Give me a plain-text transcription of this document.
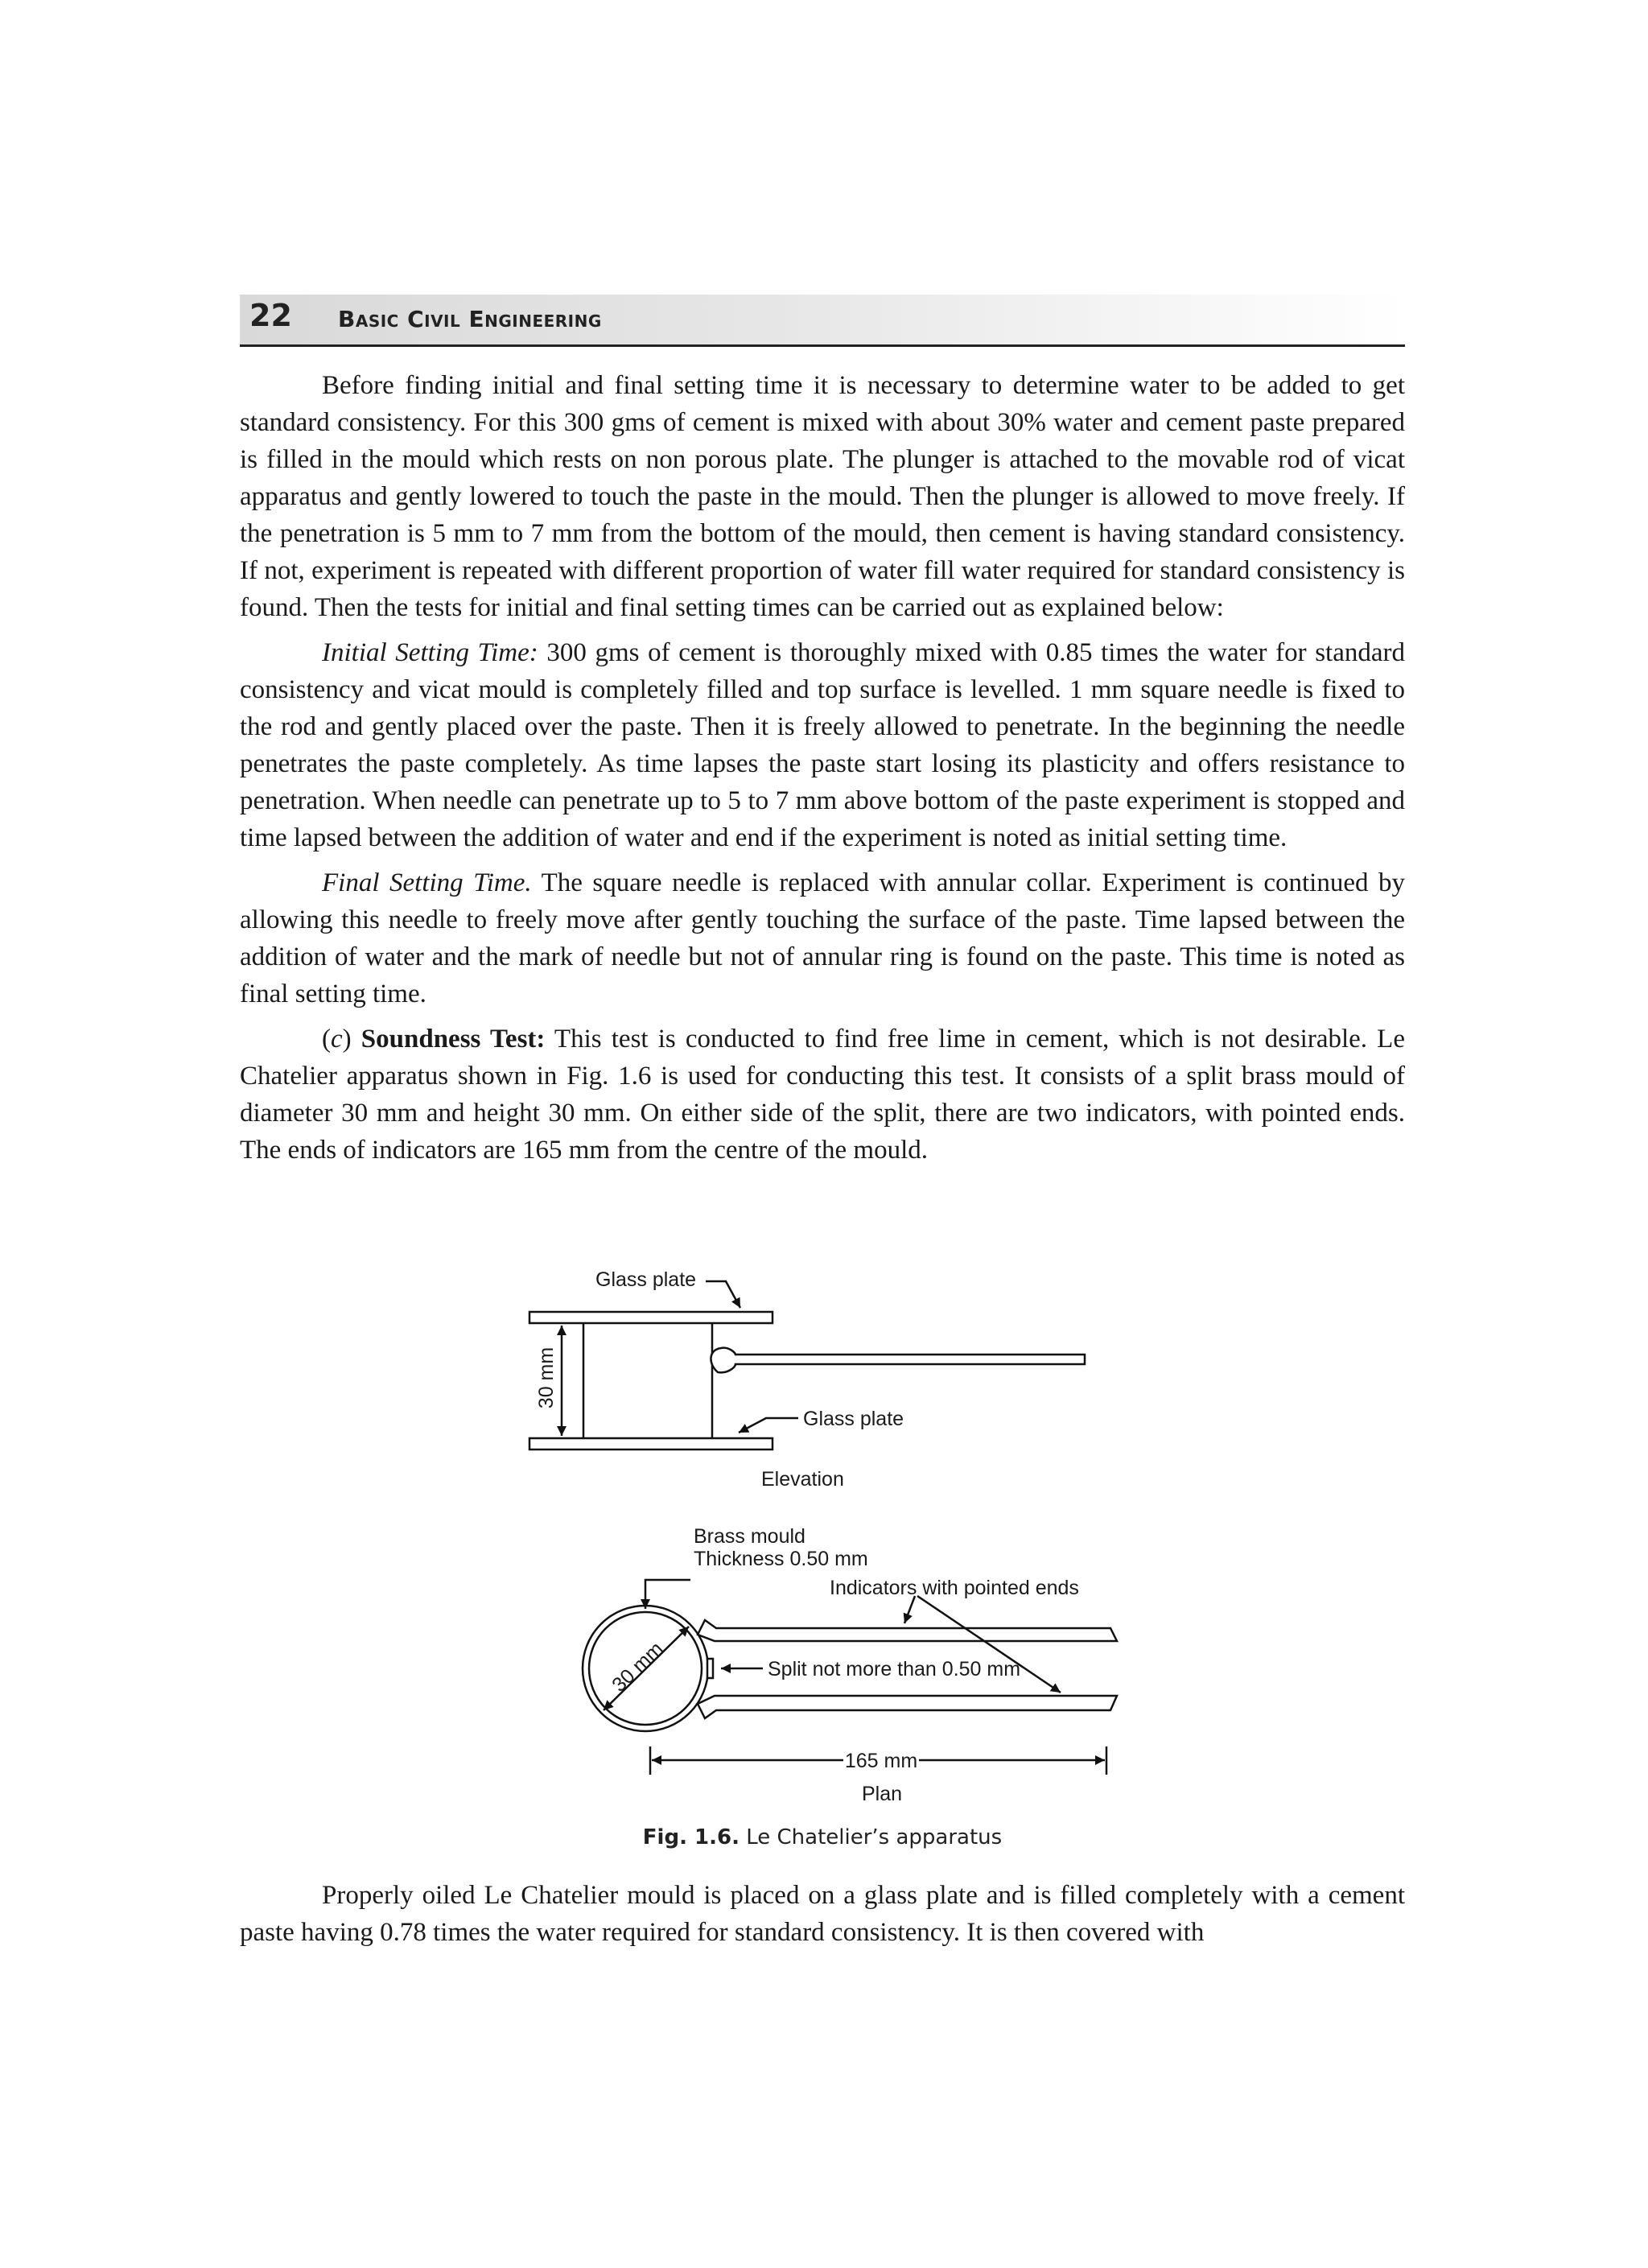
22 Basic Civil Engineering

Before finding initial and final setting time it is necessary to determine water to be added to get standard consistency. For this 300 gms of cement is mixed with about 30% water and cement paste prepared is filled in the mould which rests on non porous plate. The plunger is attached to the movable rod of vicat apparatus and gently lowered to touch the paste in the mould. Then the plunger is allowed to move freely. If the penetration is 5 mm to 7 mm from the bottom of the mould, then cement is having standard consistency. If not, experiment is repeated with different proportion of water fill water required for standard consistency is found. Then the tests for initial and final setting times can be carried out as explained below:

Initial Setting Time: 300 gms of cement is thoroughly mixed with 0.85 times the water for standard consistency and vicat mould is completely filled and top surface is levelled. 1 mm square needle is fixed to the rod and gently placed over the paste. Then it is freely allowed to penetrate. In the beginning the needle penetrates the paste completely. As time lapses the paste start losing its plasticity and offers resistance to penetration. When needle can penetrate up to 5 to 7 mm above bottom of the paste experiment is stopped and time lapsed between the addition of water and end if the experiment is noted as initial setting time.

Final Setting Time. The square needle is replaced with annular collar. Experiment is continued by allowing this needle to freely move after gently touching the surface of the paste. Time lapsed between the addition of water and the mark of needle but not of annular ring is found on the paste. This time is noted as final setting time.

(c) Soundness Test: This test is conducted to find free lime in cement, which is not desirable. Le Chatelier apparatus shown in Fig. 1.6 is used for conducting this test. It consists of a split brass mould of diameter 30 mm and height 30 mm. On either side of the split, there are two indicators, with pointed ends. The ends of indicators are 165 mm from the centre of the mould.

Glass plate
30 mm
Glass plate
Elevation
Brass mould
Thickness 0.50 mm
Indicators with pointed ends
30 mm	Split not more than 0.50 mm
165 mm
Plan
Fig. 1.6. Le Chatelier’s apparatus

Properly oiled Le Chatelier mould is placed on a glass plate and is filled completely with a cement paste having 0.78 times the water required for standard consistency. It is then covered with
